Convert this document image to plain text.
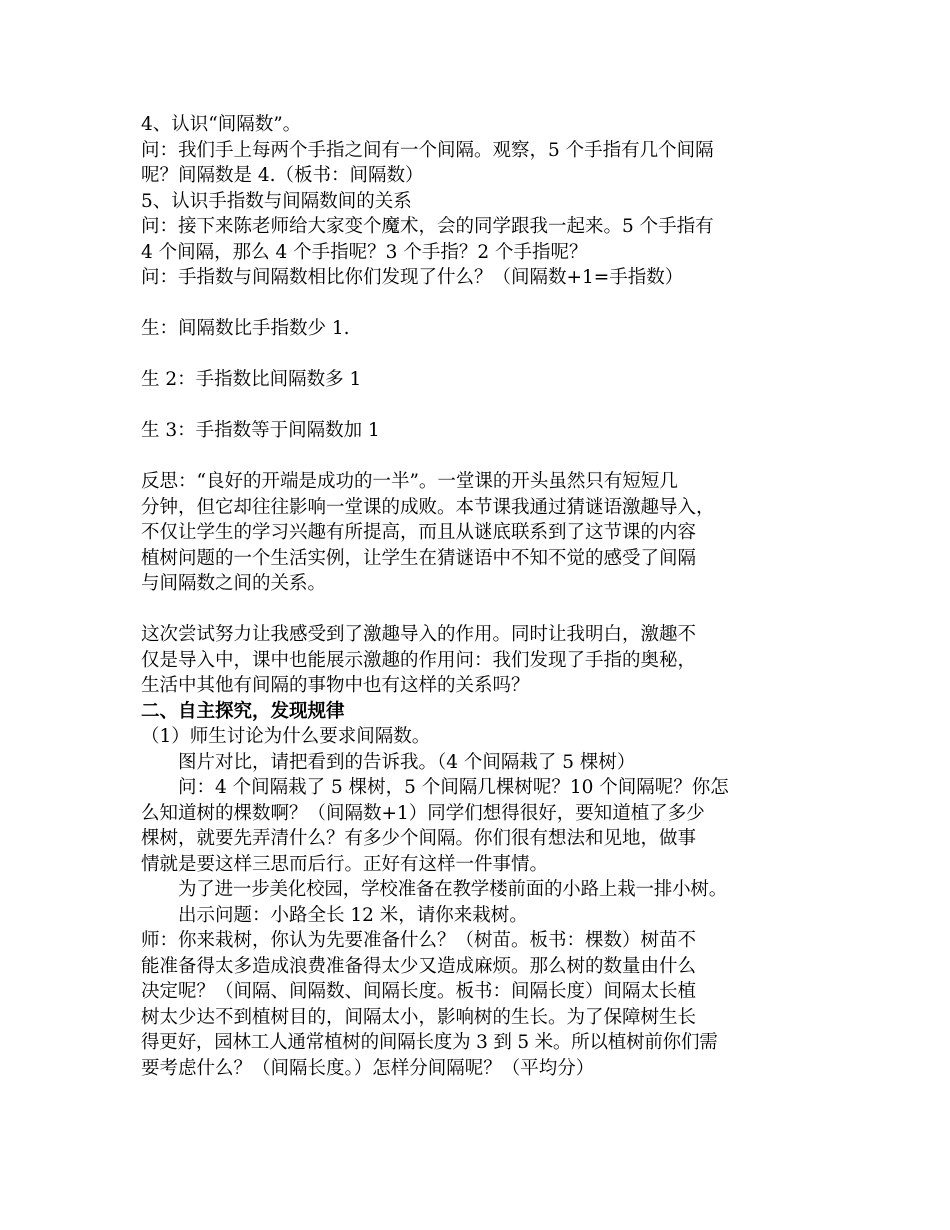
4、认识“间隔数”。
问：我们手上每两个手指之间有一个间隔。观察，5 个手指有几个间隔
呢？间隔数是 4.（板书：间隔数）
5、认识手指数与间隔数间的关系
问：接下来陈老师给大家变个魔术，会的同学跟我一起来。5 个手指有
4 个间隔，那么 4 个手指呢？3 个手指？2 个手指呢？
问：手指数与间隔数相比你们发现了什么？（间隔数+1=手指数）
生：间隔数比手指数少 1.
生 2：手指数比间隔数多 1
生 3：手指数等于间隔数加 1
反思：“良好的开端是成功的一半”。一堂课的开头虽然只有短短几
分钟，但它却往往影响一堂课的成败。本节课我通过猜谜语激趣导入，
不仅让学生的学习兴趣有所提高，而且从谜底联系到了这节课的内容
植树问题的一个生活实例，让学生在猜谜语中不知不觉的感受了间隔
与间隔数之间的关系。
这次尝试努力让我感受到了激趣导入的作用。同时让我明白，激趣不
仅是导入中，课中也能展示激趣的作用问：我们发现了手指的奥秘，
生活中其他有间隔的事物中也有这样的关系吗？
二、自主探究，发现规律
（1）师生讨论为什么要求间隔数。
图片对比，请把看到的告诉我。（4 个间隔栽了 5 棵树）
问：4 个间隔栽了 5 棵树，5 个间隔几棵树呢？10 个间隔呢？你怎
么知道树的棵数啊？（间隔数+1）同学们想得很好，要知道植了多少
棵树，就要先弄清什么？有多少个间隔。你们很有想法和见地，做事
情就是要这样三思而后行。正好有这样一件事情。
为了进一步美化校园，学校准备在教学楼前面的小路上栽一排小树。
出示问题：小路全长 12 米，请你来栽树。
师：你来栽树，你认为先要准备什么？（树苗。板书：棵数）树苗不
能准备得太多造成浪费准备得太少又造成麻烦。那么树的数量由什么
决定呢？（间隔、间隔数、间隔长度。板书：间隔长度）间隔太长植
树太少达不到植树目的，间隔太小，影响树的生长。为了保障树生长
得更好，园林工人通常植树的间隔长度为 3 到 5 米。所以植树前你们需
要考虑什么？（间隔长度。）怎样分间隔呢？（平均分）
